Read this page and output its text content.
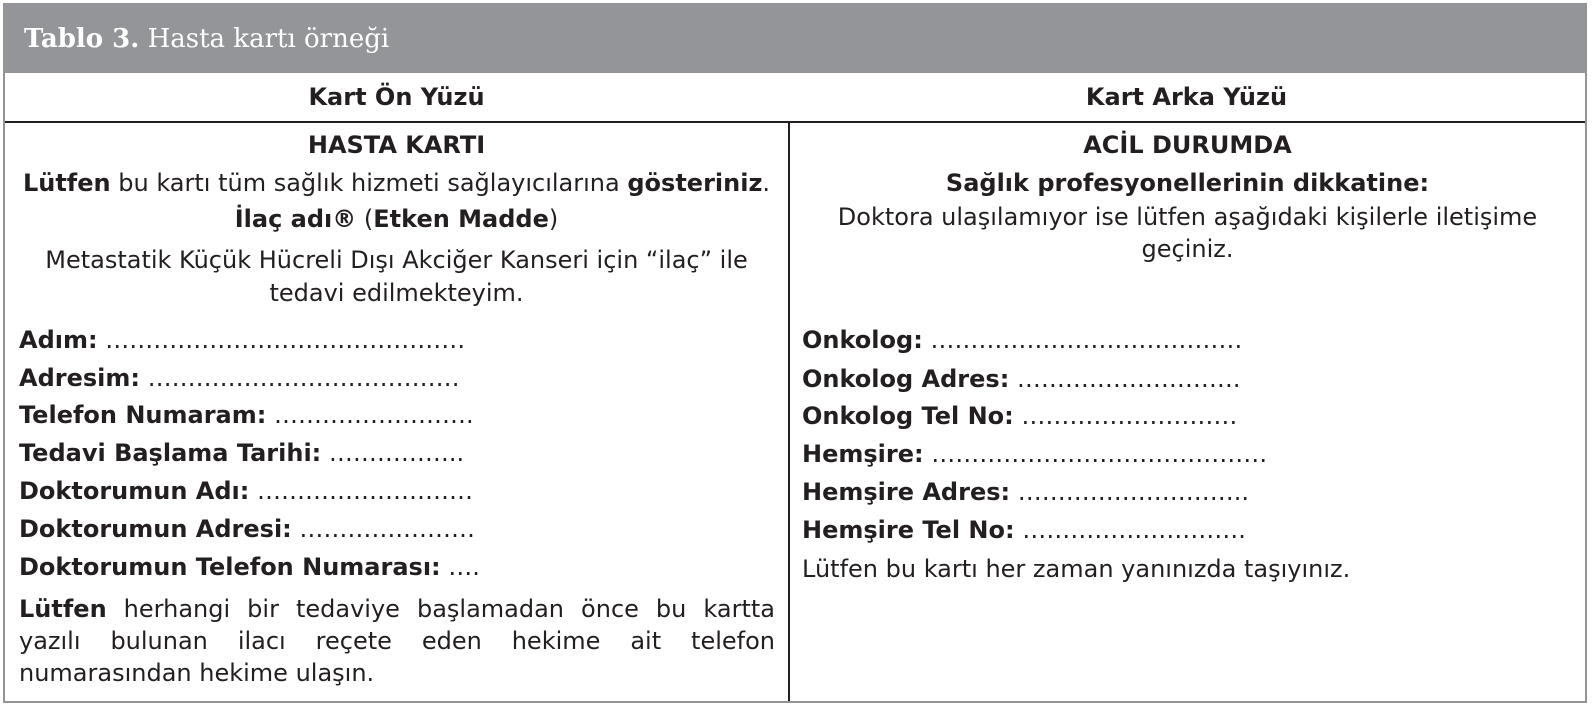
Tablo 3. Hasta kartı örneği
Kart Ön Yüzü	Kart Arka Yüzü
HASTA KARTI
Lütfen bu kartı tüm sağlık hizmeti sağlayıcılarına gösteriniz.
İlaç adı® (Etken Madde)
Metastatik Küçük Hücreli Dışı Akciğer Kanseri için “ilaç” ile
tedavi edilmekteyim.
Adım: ………………………………………
Adresim: …………………………………
Telefon Numaram: …………………….
Tedavi Başlama Tarihi: ……………..
Doktorumun Adı: ………………………
Doktorumun Adresi: ………….………
Doktorumun Telefon Numarası: ….
Lütfen herhangi bir tedaviye başlamadan önce bu kartta yazılı bulunan ilacı reçete eden hekime ait telefon numarasından hekime ulaşın.
ACİL DURUMDA
Sağlık profesyonellerinin dikkatine:
Doktora ulaşılamıyor ise lütfen aşağıdaki kişilerle iletişime
geçiniz.
Onkolog: …………………………………
Onkolog Adres: ……………………….
Onkolog Tel No: ………………………
Hemşire: ……………………………………
Hemşire Adres: ………………………..
Hemşire Tel No: ……………………….
Lütfen bu kartı her zaman yanınızda taşıyınız.
